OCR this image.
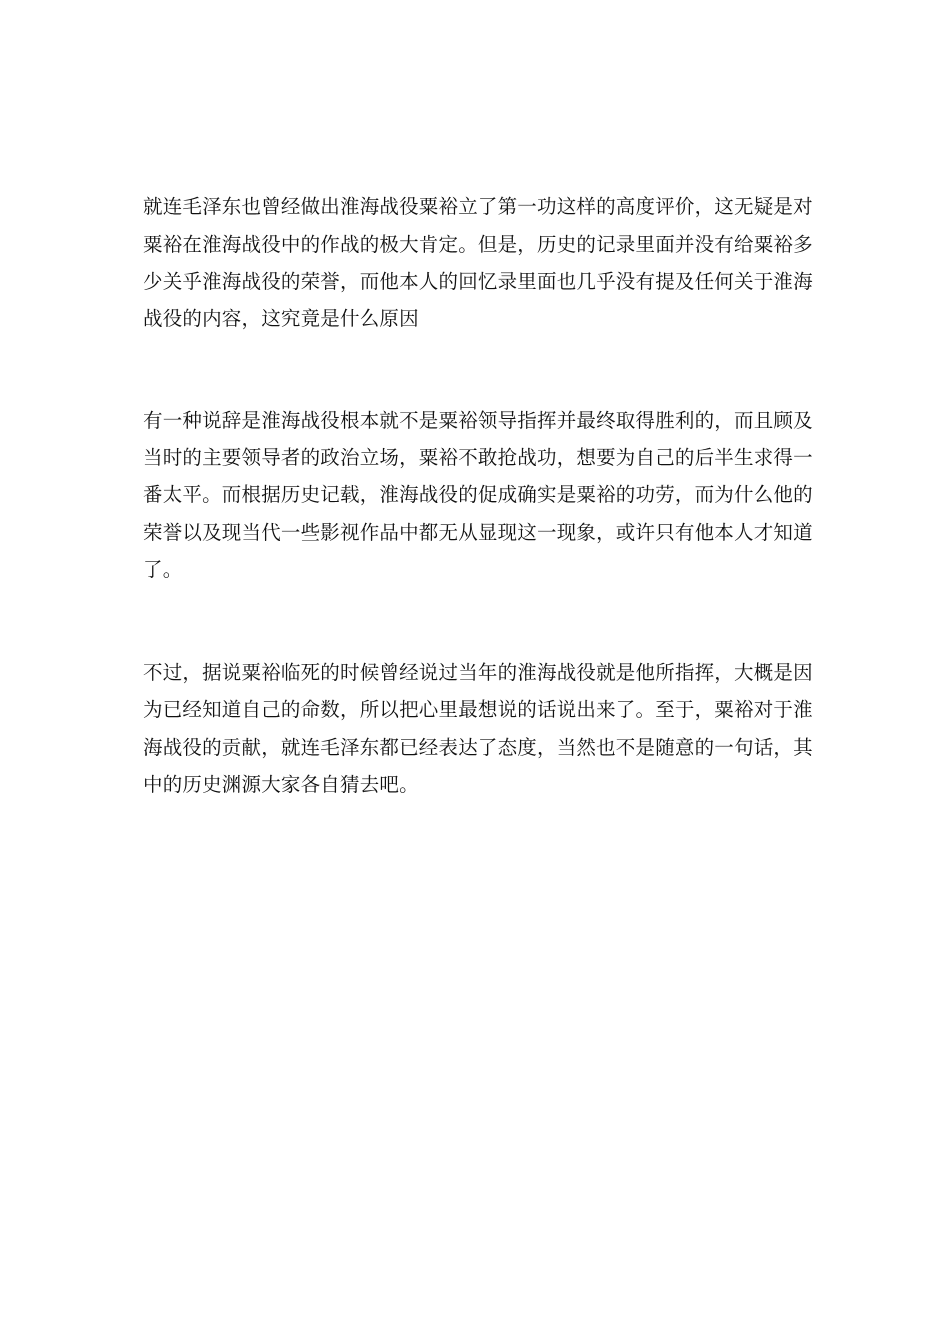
就连毛泽东也曾经做出淮海战役粟裕立了第一功这样的高度评价，这无疑是对
粟裕在淮海战役中的作战的极大肯定。但是，历史的记录里面并没有给粟裕多
少关乎淮海战役的荣誉，而他本人的回忆录里面也几乎没有提及任何关于淮海
战役的内容，这究竟是什么原因
有一种说辞是淮海战役根本就不是粟裕领导指挥并最终取得胜利的，而且顾及
当时的主要领导者的政治立场，粟裕不敢抢战功，想要为自己的后半生求得一
番太平。而根据历史记载，淮海战役的促成确实是粟裕的功劳，而为什么他的
荣誉以及现当代一些影视作品中都无从显现这一现象，或许只有他本人才知道
了。
不过，据说粟裕临死的时候曾经说过当年的淮海战役就是他所指挥，大概是因
为已经知道自己的命数，所以把心里最想说的话说出来了。至于，粟裕对于淮
海战役的贡献，就连毛泽东都已经表达了态度，当然也不是随意的一句话，其
中的历史渊源大家各自猜去吧。
